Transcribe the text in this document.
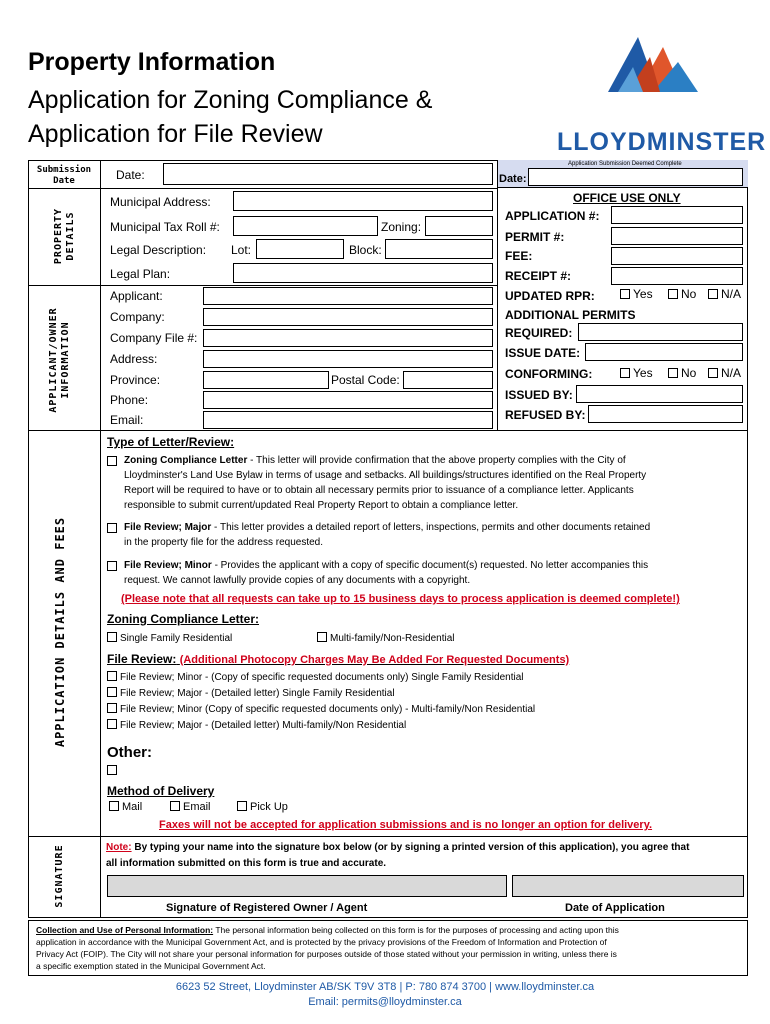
Property Information
Application for Zoning Compliance &
Application for File Review	LLOYDMINSTER
Submission Date
PROPERTY DETAILS
APPLICANT/OWNER INFORMATION
APPLICATION DETAILS AND FEES
SIGNATURE
Date:
Municipal Address:
Municipal Tax Roll #:	Zoning:
Legal Description: Lot:	Block:
Legal Plan:
Applicant:
Company:
Company File #:
Address:
Province:	Postal Code:
Phone:
Email:
Application Submission Deemed Complete
Date:
OFFICE USE ONLY
APPLICATION #:
PERMIT #:
FEE:
RECEIPT #:
UPDATED RPR:	Yes	No	N/A
ADDITIONAL PERMITS
REQUIRED:
ISSUE DATE:
CONFORMING:	Yes	No	N/A
ISSUED BY:
REFUSED BY:
Type of Letter/Review:
Zoning Compliance Letter - This letter will provide confirmation that the above property complies with the City of
Lloydminster's Land Use Bylaw in terms of usage and setbacks. All buildings/structures identified on the Real Property
Report will be required to have or to obtain all necessary permits prior to issuance of a compliance letter. Applicants
responsible to submit current/updated Real Property Report to obtain a compliance letter.
File Review; Major - This letter provides a detailed report of letters, inspections, permits and other documents retained
in the property file for the address requested.
File Review; Minor - Provides the applicant with a copy of specific document(s) requested. No letter accompanies this
request. We cannot lawfully provide copies of any documents with a copyright.
(Please note that all requests can take up to 15 business days to process application is deemed complete!)
Zoning Compliance Letter:
Single Family Residential	Multi-family/Non-Residential
File Review: (Additional Photocopy Charges May Be Added For Requested Documents)
File Review; Minor - (Copy of specific requested documents only) Single Family Residential
File Review; Major - (Detailed letter) Single Family Residential
File Review; Minor (Copy of specific requested documents only) - Multi-family/Non Residential
File Review; Major - (Detailed letter) Multi-family/Non Residential
Other:
Method of Delivery
Mail	Email	Pick Up
Faxes will not be accepted for application submissions and is no longer an option for delivery.
Note: By typing your name into the signature box below (or by signing a printed version of this application), you agree that
all information submitted on this form is true and accurate.
Signature of Registered Owner / Agent	Date of Application
Collection and Use of Personal Information: The personal information being collected on this form is for the purposes of processing and acting upon this
application in accordance with the Municipal Government Act, and is protected by the privacy provisions of the Freedom of Information and Protection of
Privacy Act (FOIP). The City will not share your personal information for purposes outside of those stated without your permission in writing, unless there is
a specific exemption stated in the Municipal Government Act.
6623 52 Street, Lloydminster AB/SK T9V 3T8 | P: 780 874 3700 | www.lloydminster.ca
Email: permits@lloydminster.ca
